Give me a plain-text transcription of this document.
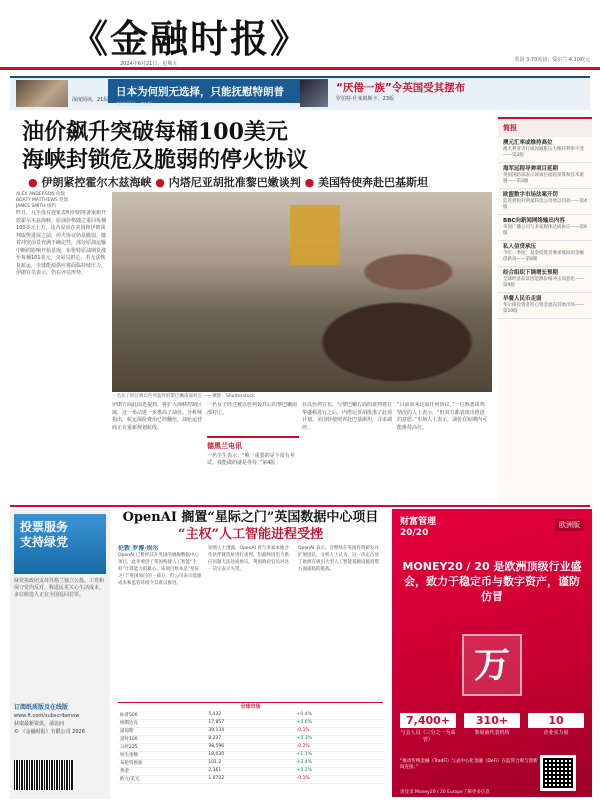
《金融时报》
2024年6月21日，星期五
英国 3.70英镑；爱尔兰 4.10欧元
深度阅读，21版
日本为何别无选择，只能抚慰特朗普
深度阅读，21版
“厌倦一族”令英国受其摆布
罗伯特·什莱姆斯卡，23版
油价飙升突破每桶100美元
海峡封锁危及脆弱的停火协议
● 伊朗紧控霍尔木兹海峡 ● 内塔尼亚胡批准黎巴嫩谈判 ● 美国特使奔赴巴基斯坦
ALEX ANDERSON 伦敦
BOATY MATTHEWS 伦敦
JAMES SMITH 纽约
昨日，几乎没有迹象表明伊朗准备重新开放霍尔木兹海峡，原油价格随之重回每桶100美元上方，这凸显出在美国和伊朗谈判取得进展之前，停火协议仍显脆弱。随着冲突前景充满不确定性，部分原油运输中断的影响开始显现，布伦特原油期货涨至每桶101美元。交易员担心，若无法恢复航运，全球能源供应将面临持续压力。伊朗官员表示，仍在评估形势。
一名女子经过被以色列轰炸的黎巴嫩南部村庄 ——摄影：Shutterstock
伊朗方面此前还提到，将扩大海峡控制区域，这一举动进一步推高了油价。分析师指出，航运保险费用已经翻倍，油轮运营商正在重新规划航线。
一名女子经过被以色列轰炸后的黎巴嫩南部村庄。
德黑兰电讯
一名学生表示：“唯一重要的是下周有考试。我能做的就是等待。”第4版
在以色列宣布，与黎巴嫩方面的谈判将在华盛顿进行之后，内塔尼亚胡批准了此项计划。美国特使则奔赴巴基斯坦，寻求调停。
“目前尚未达成任何协议，”一位熟悉谈判情况的人士表示，“但双方都表现出推进的意愿。”市场人士表示，油价在短期内可能维持高位。
简报
澳元汇率或维持高位

澳大利亚央行或因通胀压力维持利率不变——第2版

海军远程导弹项目延期

英国国防部表示该项目面临预算和技术难题——第3版

欧盟数字市场法案开罚

监管机构对两家科技公司处以罚款——第4版

BBC向新闻网络输出内容

英国广播公司与多家媒体达成协议——第6版

私人信贷承压

今年一季度，基金投资者要求赎回的金额创新高——第8版

经合组织下调增长预期

全球经济前景因能源价格冲击而恶化——第9版

早餐人民币走弱

华尔街投资者担心资金流向其他市场——第10版

投票服务
支持绿党
绿党执政团支持苏格兰独立公投。工党和保守党均反对，称选民更关心生活成本。多位候选人正在全国巡回拉票。
订阅纸质版及在线版
www.ft.com/subscribenow
获取最新资讯，请访问
© 《金融时报》有限公司 2026
OpenAI 搁置“星际之门”英国数据中心项目
“主权”人工智能进程受挫
伦敦 罗博·埃尔
OpenAI 已暂停其在英国的旗舰数据中心项目，此举重创了英国构建人工智能“主权”计算能力的雄心。该项目原本是“星际之门”英国项目的一部分，但公司表示能源成本和监管环境令其难以推进。
知情人士透露，OpenAI 曾与多家本地合作伙伴就选址进行谈判，但最终因电力供应问题无法达成协议。英国政府官员对这一决定表示失望。
OpenAI 表示，会继续在英国投资研发并扩展团队。分析人士认为，这一决定凸显了欧洲在吸引大型人工智能基础设施投资方面面临的挑战。
全球市场
标普500	5,432	+0.4%
纳斯达克	17,857	+0.6%
道琼斯	39,134	-0.1%
富时100	8,237	+0.3%
日经225	38,596	-0.2%
恒生指数	18,030	+1.1%
布伦特原油	101.2	+3.4%
黄金	2,361	+0.2%
欧元/美元	1.0702	-0.1%
财富管理
20/20
欧洲版
MONEY20 / 20 是欧洲顶级行业盛会，致力于稳定币与数字资产，谨防仿冒
万
7,400+
与会人员（三分之一为高管）
310+
参展商代表机构
10
企业实力展
“推动传统金融（TradFi）与去中心化金融（DeFi）在监管合规与创新间连接。”
请登录 Money20 / 20 Europe了解更多信息
